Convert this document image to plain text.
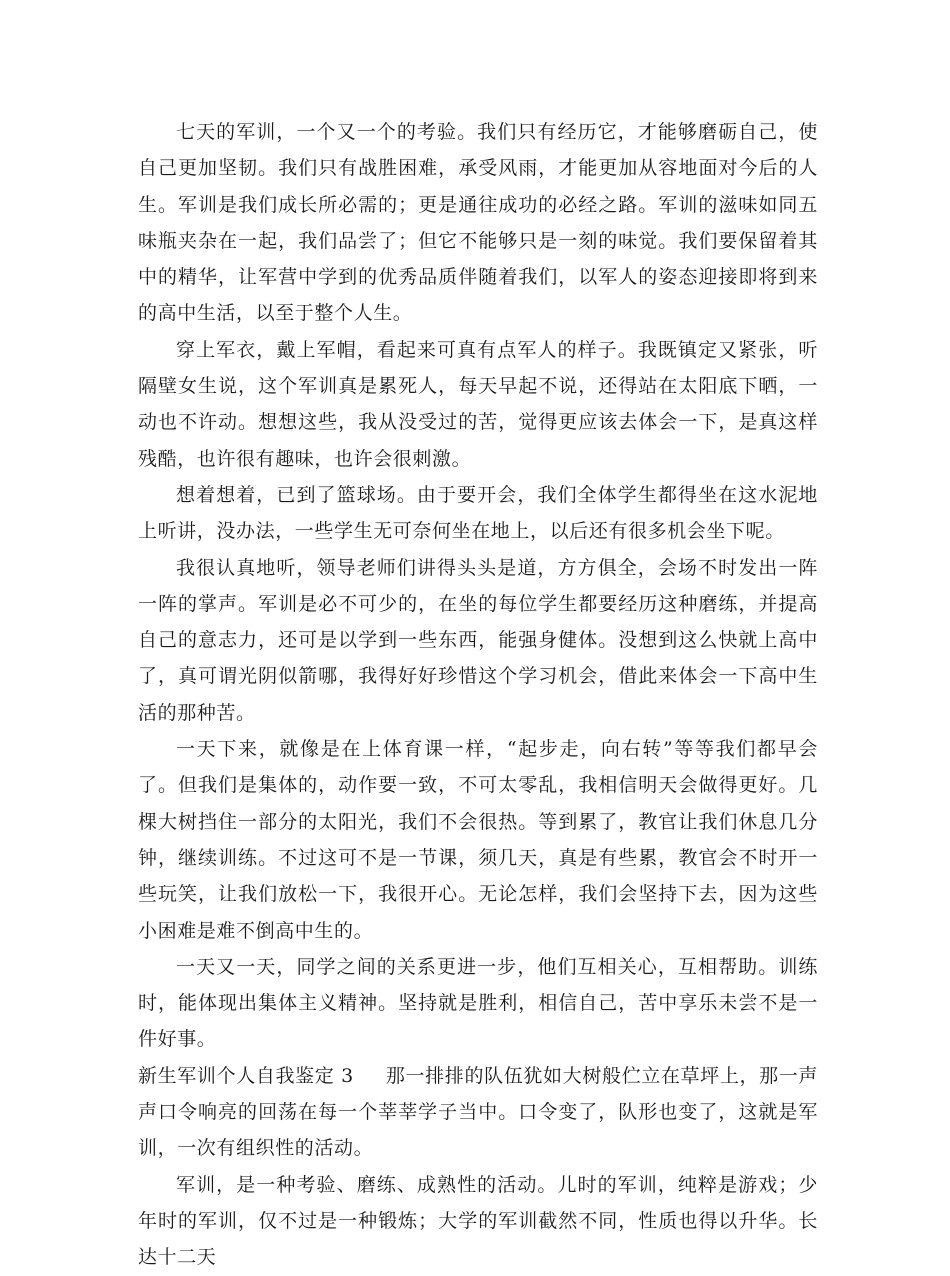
七天的军训，一个又一个的考验。我们只有经历它，才能够磨砺自己，使自己更加坚韧。我们只有战胜困难，承受风雨，才能更加从容地面对今后的人生。军训是我们成长所必需的；更是通往成功的必经之路。军训的滋味如同五味瓶夹杂在一起，我们品尝了；但它不能够只是一刻的味觉。我们要保留着其中的精华，让军营中学到的优秀品质伴随着我们，以军人的姿态迎接即将到来的高中生活，以至于整个人生。

穿上军衣，戴上军帽，看起来可真有点军人的样子。我既镇定又紧张，听隔壁女生说，这个军训真是累死人，每天早起不说，还得站在太阳底下晒，一动也不许动。想想这些，我从没受过的苦，觉得更应该去体会一下，是真这样残酷，也许很有趣味，也许会很刺激。

想着想着，已到了篮球场。由于要开会，我们全体学生都得坐在这水泥地上听讲，没办法，一些学生无可奈何坐在地上，以后还有很多机会坐下呢。

我很认真地听，领导老师们讲得头头是道，方方俱全，会场不时发出一阵一阵的掌声。军训是必不可少的，在坐的每位学生都要经历这种磨练，并提高自己的意志力，还可是以学到一些东西，能强身健体。没想到这么快就上高中了，真可谓光阴似箭哪，我得好好珍惜这个学习机会，借此来体会一下高中生活的那种苦。

一天下来，就像是在上体育课一样，“起步走，向右转”等等我们都早会了。但我们是集体的，动作要一致，不可太零乱，我相信明天会做得更好。几棵大树挡住一部分的太阳光，我们不会很热。等到累了，教官让我们休息几分钟，继续训练。不过这可不是一节课，须几天，真是有些累，教官会不时开一些玩笑，让我们放松一下，我很开心。无论怎样，我们会坚持下去，因为这些小困难是难不倒高中生的。

一天又一天，同学之间的关系更进一步，他们互相关心，互相帮助。训练时，能体现出集体主义精神。坚持就是胜利，相信自己，苦中享乐未尝不是一件好事。

新生军训个人自我鉴定 3 那一排排的队伍犹如大树般伫立在草坪上，那一声声口令响亮的回荡在每一个莘莘学子当中。口令变了，队形也变了，这就是军训，一次有组织性的活动。

军训，是一种考验、磨练、成熟性的活动。儿时的军训，纯粹是游戏；少年时的军训，仅不过是一种锻炼；大学的军训截然不同，性质也得以升华。长达十二天
